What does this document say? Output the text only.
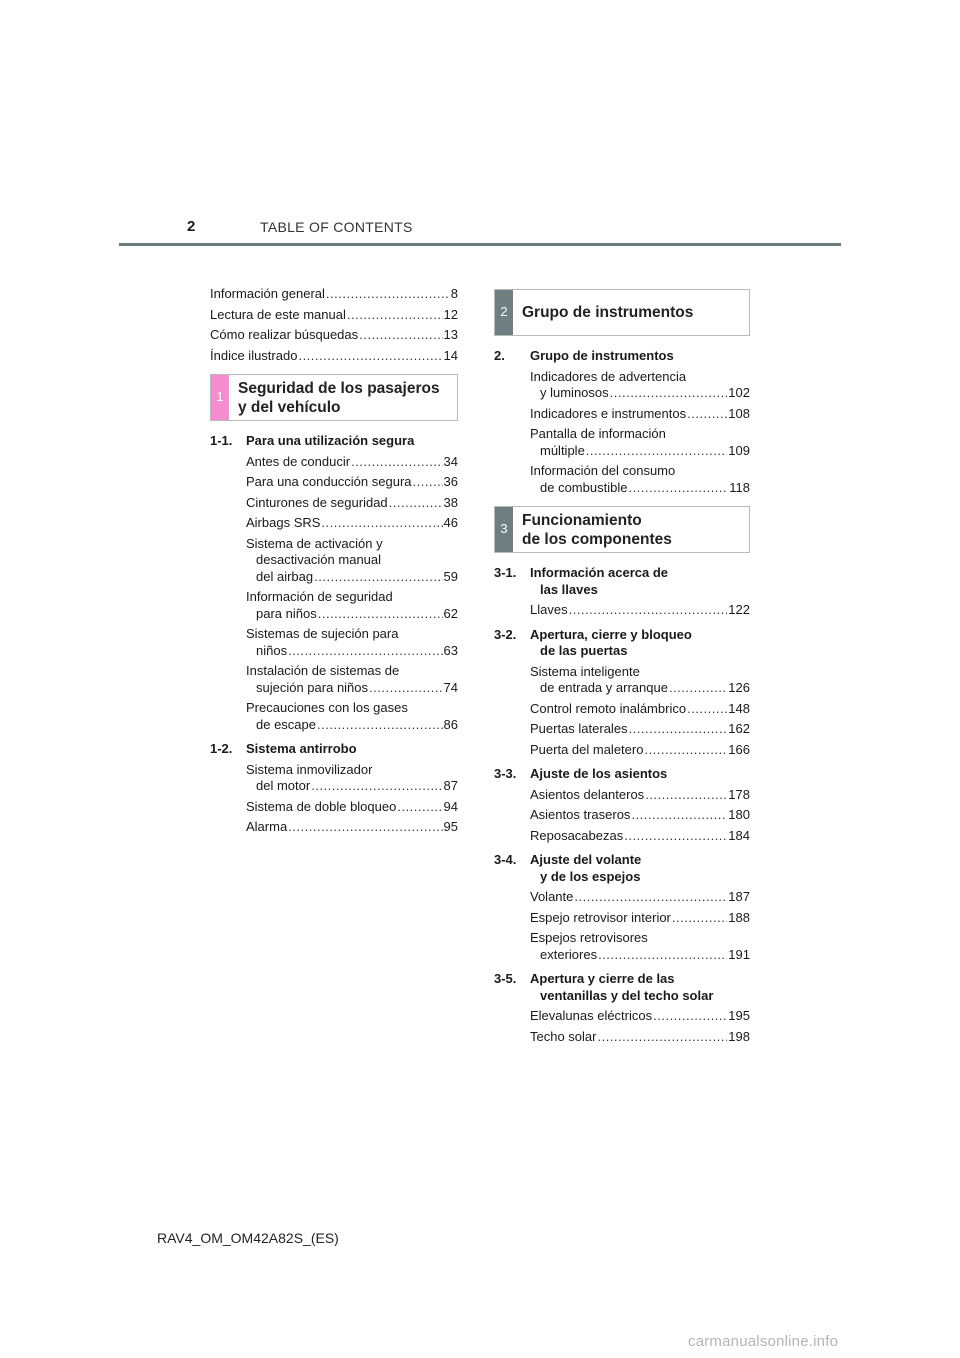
2	TABLE OF CONTENTS
Información general .....	8
Lectura de este manual .....	12
Cómo realizar búsquedas .....	13
Índice ilustrado .....	14
1
Seguridad de los pasajeros
y del vehículo
1-1.	Para una utilización segura
Antes de conducir .....	34
Para una conducción segura ..... 36
Cinturones de seguridad .....	38
Airbags SRS .....	46
Sistema de activación y
desactivación manual
del airbag .....	59
Información de seguridad
para niños .....	62
Sistemas de sujeción para
niños .....	63
Instalación de sistemas de
sujeción para niños .....	74
Precauciones con los gases
de escape .....	86
1-2.	Sistema antirrobo
Sistema inmovilizador
del motor .....	87
Sistema de doble bloqueo .....	94
Alarma .....	95
2 Grupo de instrumentos
2.	Grupo de instrumentos
Indicadores de advertencia
y luminosos .....	102
Indicadores e instrumentos .....	108
Pantalla de información
múltiple .....	109
Información del consumo
de combustible .....	118
3
Funcionamiento
de los componentes
3-1.	Información acerca de
las llaves
Llaves .....	122
3-2.	Apertura, cierre y bloqueo
de las puertas
Sistema inteligente
de entrada y arranque .....	126
Control remoto inalámbrico .....	148
Puertas laterales .....	162
Puerta del maletero .....	166
3-3.	Ajuste de los asientos
Asientos delanteros .....	178
Asientos traseros .....	180
Reposacabezas .....	184
3-4.	Ajuste del volante
y de los espejos
Volante .....	187
Espejo retrovisor interior .....	188
Espejos retrovisores
exteriores .....	191
3-5.	Apertura y cierre de las
ventanillas y del techo solar
Elevalunas eléctricos .....	195
Techo solar .....	198
RAV4_OM_OM42A82S_(ES)
carmanualsonline.info
